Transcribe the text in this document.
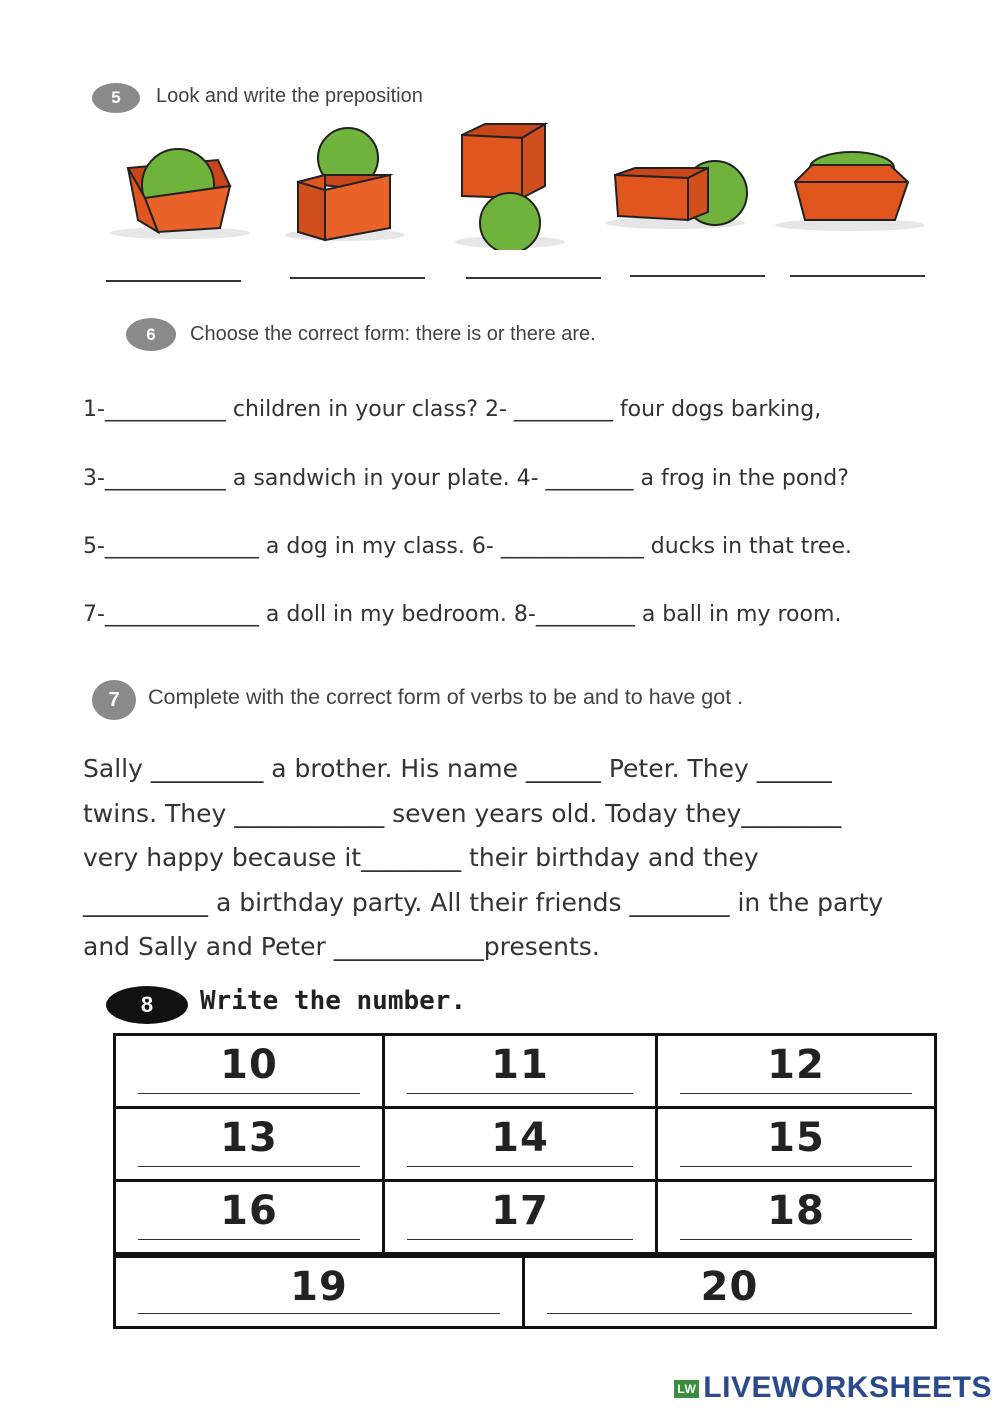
5	Look and write the preposition
6	Choose the correct form: there is or there are.
1-___________ children in your class? 2- _________ four dogs barking,
3-___________ a sandwich in your plate. 4- ________ a frog in the pond?
5-______________ a dog in my class. 6- _____________ ducks in that tree.
7-______________ a doll in my bedroom. 8-_________ a ball in my room.
7	Complete with the correct form of verbs to be and to have got .
Sally _________ a brother. His name ______ Peter. They ______
twins. They ____________ seven years old. Today they________
very happy because it________ their birthday and they
__________ a birthday party. All their friends ________ in the party
and Sally and Peter ____________presents.
8	Write the number.
10	11	12
13	14	15
16	17	18
19	20
LW LIVEWORKSHEETS
